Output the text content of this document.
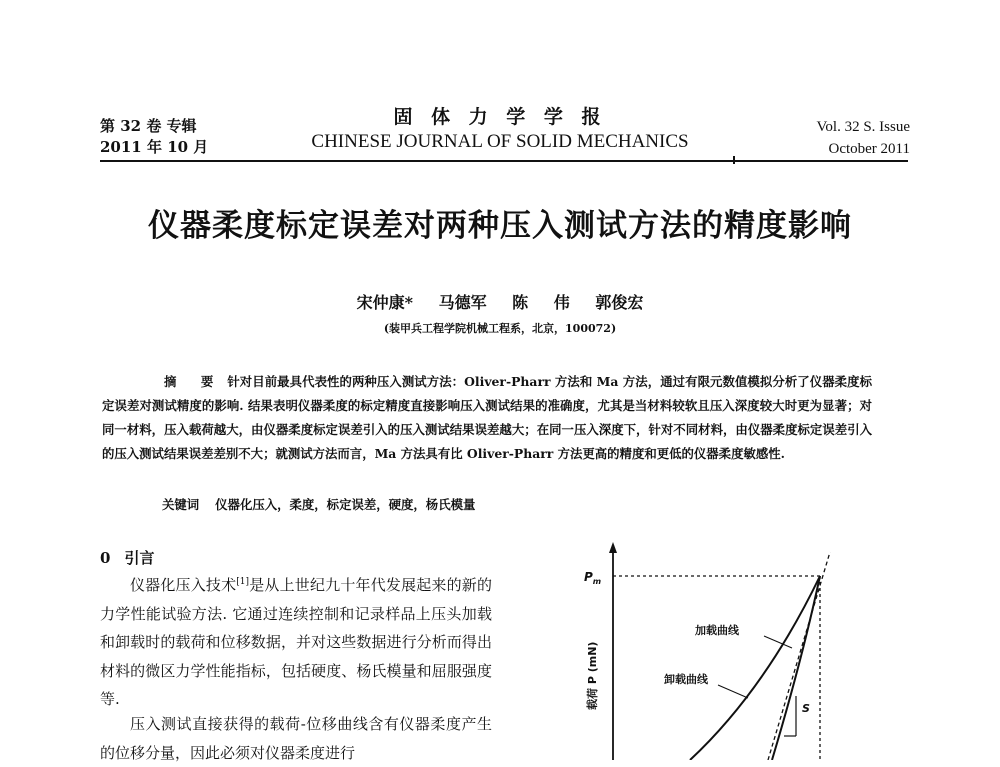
第 32 卷 专辑
2011 年 10 月
固 体 力 学 学 报
CHINESE JOURNAL OF SOLID MECHANICS
Vol. 32 S. Issue
October 2011
仪器柔度标定误差对两种压入测试方法的精度影响
宋仲康* 马德军 陈 伟 郭俊宏
(装甲兵工程学院机械工程系，北京，100072)
摘 要 针对目前最具代表性的两种压入测试方法：Oliver-Pharr 方法和 Ma 方法，通过有限元数值模拟分析了仪器柔度标定误差对测试精度的影响. 结果表明仪器柔度的标定精度直接影响压入测试结果的准确度，尤其是当材料较软且压入深度较大时更为显著；对同一材料，压入载荷越大，由仪器柔度标定误差引入的压入测试结果误差越大；在同一压入深度下，针对不同材料，由仪器柔度标定误差引入的压入测试结果误差差别不大；就测试方法而言，Ma 方法具有比 Oliver-Pharr 方法更高的精度和更低的仪器柔度敏感性.
关键词 仪器化压入，柔度，标定误差，硬度，杨氏模量
0 引言
仪器化压入技术[1]是从上世纪九十年代发展起来的新的力学性能试验方法. 它通过连续控制和记录样品上压头加载和卸载时的载荷和位移数据，并对这些数据进行分析而得出材料的微区力学性能指标，包括硬度、杨氏模量和屈服强度等.
压入测试直接获得的载荷-位移曲线含有仪器柔度产生的位移分量，因此必须对仪器柔度进行
$P_m$
载荷 P (mN)
加载曲线
卸载曲线
S
